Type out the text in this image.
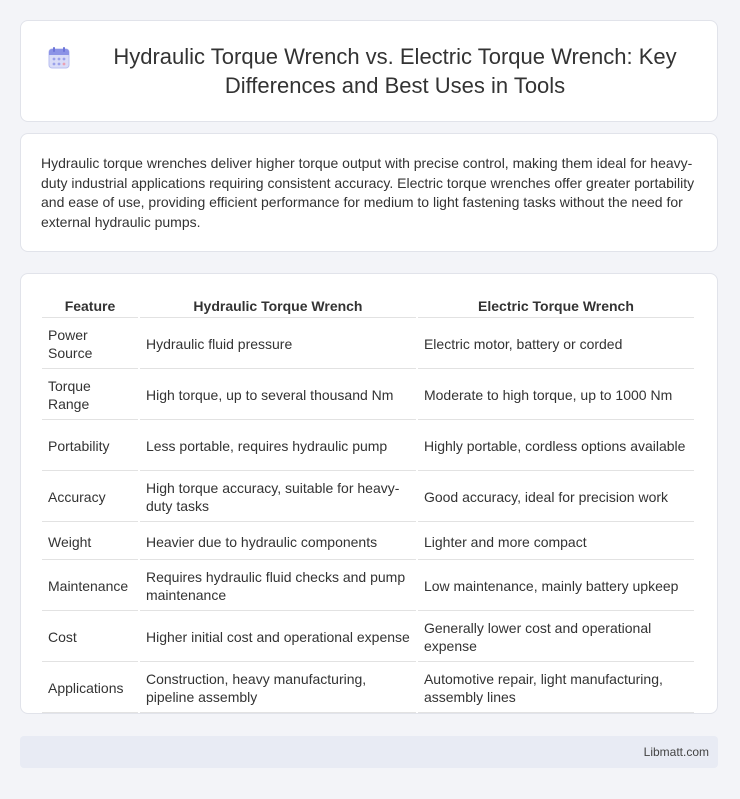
Hydraulic Torque Wrench vs. Electric Torque Wrench: Key Differences and Best Uses in Tools

Hydraulic torque wrenches deliver higher torque output with precise control, making them ideal for heavy-duty industrial applications requiring consistent accuracy. Electric torque wrenches offer greater portability and ease of use, providing efficient performance for medium to light fastening tasks without the need for external hydraulic pumps.

Feature	Hydraulic Torque Wrench	Electric Torque Wrench
Power Source	Hydraulic fluid pressure	Electric motor, battery or corded
Torque Range	High torque, up to several thousand Nm	Moderate to high torque, up to 1000 Nm
Portability	Less portable, requires hydraulic pump	Highly portable, cordless options available
Accuracy	High torque accuracy, suitable for heavy-duty tasks	Good accuracy, ideal for precision work
Weight	Heavier due to hydraulic components	Lighter and more compact
Maintenance	Requires hydraulic fluid checks and pump maintenance	Low maintenance, mainly battery upkeep
Cost	Higher initial cost and operational expense	Generally lower cost and operational expense
Applications	Construction, heavy manufacturing, pipeline assembly	Automotive repair, light manufacturing, assembly lines
Libmatt.com
